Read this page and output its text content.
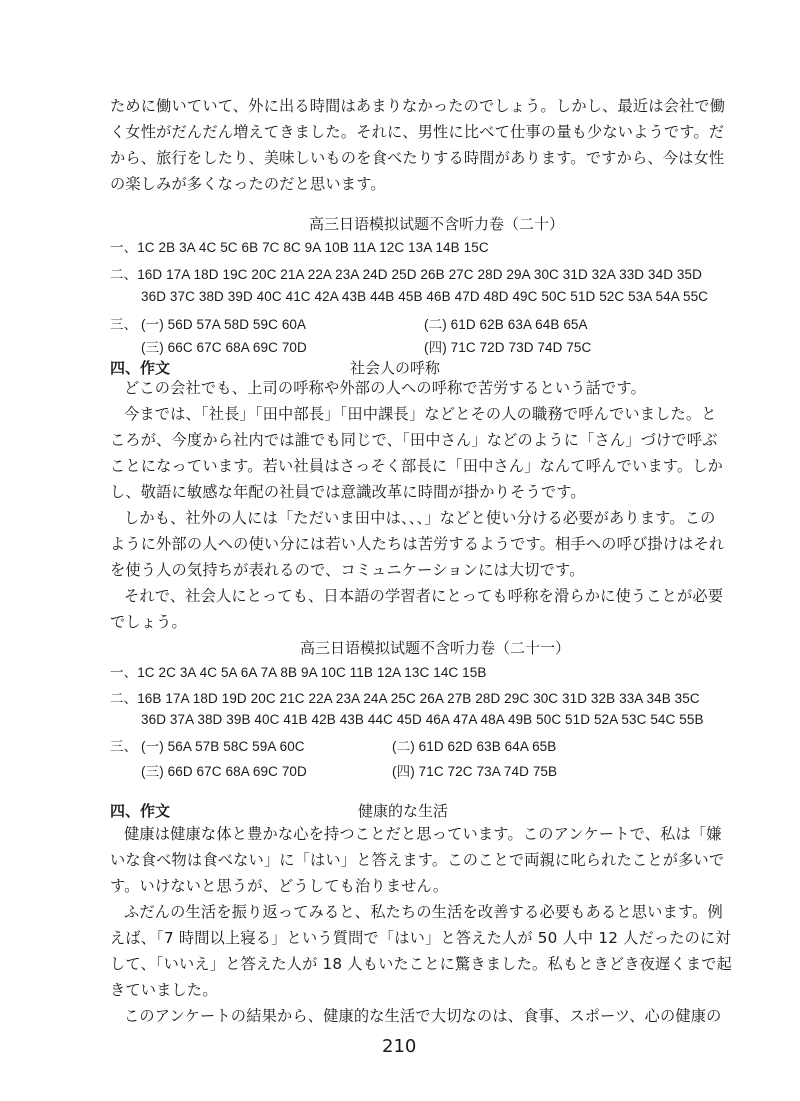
ために働いていて、外に出る時間はあまりなかったのでしょう。しかし、最近は会社で働
く女性がだんだん増えてきました。それに、男性に比べて仕事の量も少ないようです。だ
から、旅行をしたり、美味しいものを食べたりする時間があります。ですから、今は女性
の楽しみが多くなったのだと思います。
高三日语模拟试题不含听力卷（二十）
一、1C 2B 3A 4C 5C 6B 7C 8C 9A 10B 11A 12C 13A 14B 15C
二、16D 17A 18D 19C 20C 21A 22A 23A 24D 25D 26B 27C 28D 29A 30C 31D 32A 33D 34D 35D
36D 37C 38D 39D 40C 41C 42A 43B 44B 45B 46B 47D 48D 49C 50C 51D 52C 53A 54A 55C
三、 (一) 56D 57A 58D 59C 60A	(二) 61D 62B 63A 64B 65A
(三) 66C 67C 68A 69C 70D	(四) 71C 72D 73D 74D 75C
四、作文	社会人の呼称
どこの会社でも、上司の呼称や外部の人への呼称で苦労するという話です。
今までは、「社長」「田中部長」「田中課長」などとその人の職務で呼んでいました。と
ころが、今度から社内では誰でも同じで、「田中さん」などのように「さん」づけで呼ぶ
ことになっています。若い社員はさっそく部長に「田中さん」なんて呼んでいます。しか
し、敬語に敏感な年配の社員では意識改革に時間が掛かりそうです。
しかも、社外の人には「ただいま田中は、、、」などと使い分ける必要があります。この
ように外部の人への使い分には若い人たちは苦労するようです。相手への呼び掛けはそれ
を使う人の気持ちが表れるので、コミュニケーションには大切です。
それで、社会人にとっても、日本語の学習者にとっても呼称を滑らかに使うことが必要
でしょう。
高三日语模拟试题不含听力卷（二十一）
一、1C 2C 3A 4C 5A 6A 7A 8B 9A 10C 11B 12A 13C 14C 15B
二、16B 17A 18D 19D 20C 21C 22A 23A 24A 25C 26A 27B 28D 29C 30C 31D 32B 33A 34B 35C
36D 37A 38D 39B 40C 41B 42B 43B 44C 45D 46A 47A 48A 49B 50C 51D 52A 53C 54C 55B
三、 (一) 56A 57B 58C 59A 60C	(二) 61D 62D 63B 64A 65B
(三) 66D 67C 68A 69C 70D	(四) 71C 72C 73A 74D 75B
四、作文	健康的な生活
健康は健康な体と豊かな心を持つことだと思っています。このアンケートで、私は「嫌
いな食べ物は食べない」に「はい」と答えます。このことで両親に叱られたことが多いで
す。いけないと思うが、どうしても治りません。
ふだんの生活を振り返ってみると、私たちの生活を改善する必要もあると思います。例
えば、「7 時間以上寝る」という質問で「はい」と答えた人が 50 人中 12 人だったのに対
して、「いいえ」と答えた人が 18 人もいたことに驚きました。私もときどき夜遅くまで起
きていました。
このアンケートの結果から、健康的な生活で大切なのは、食事、スポーツ、心の健康の
210
